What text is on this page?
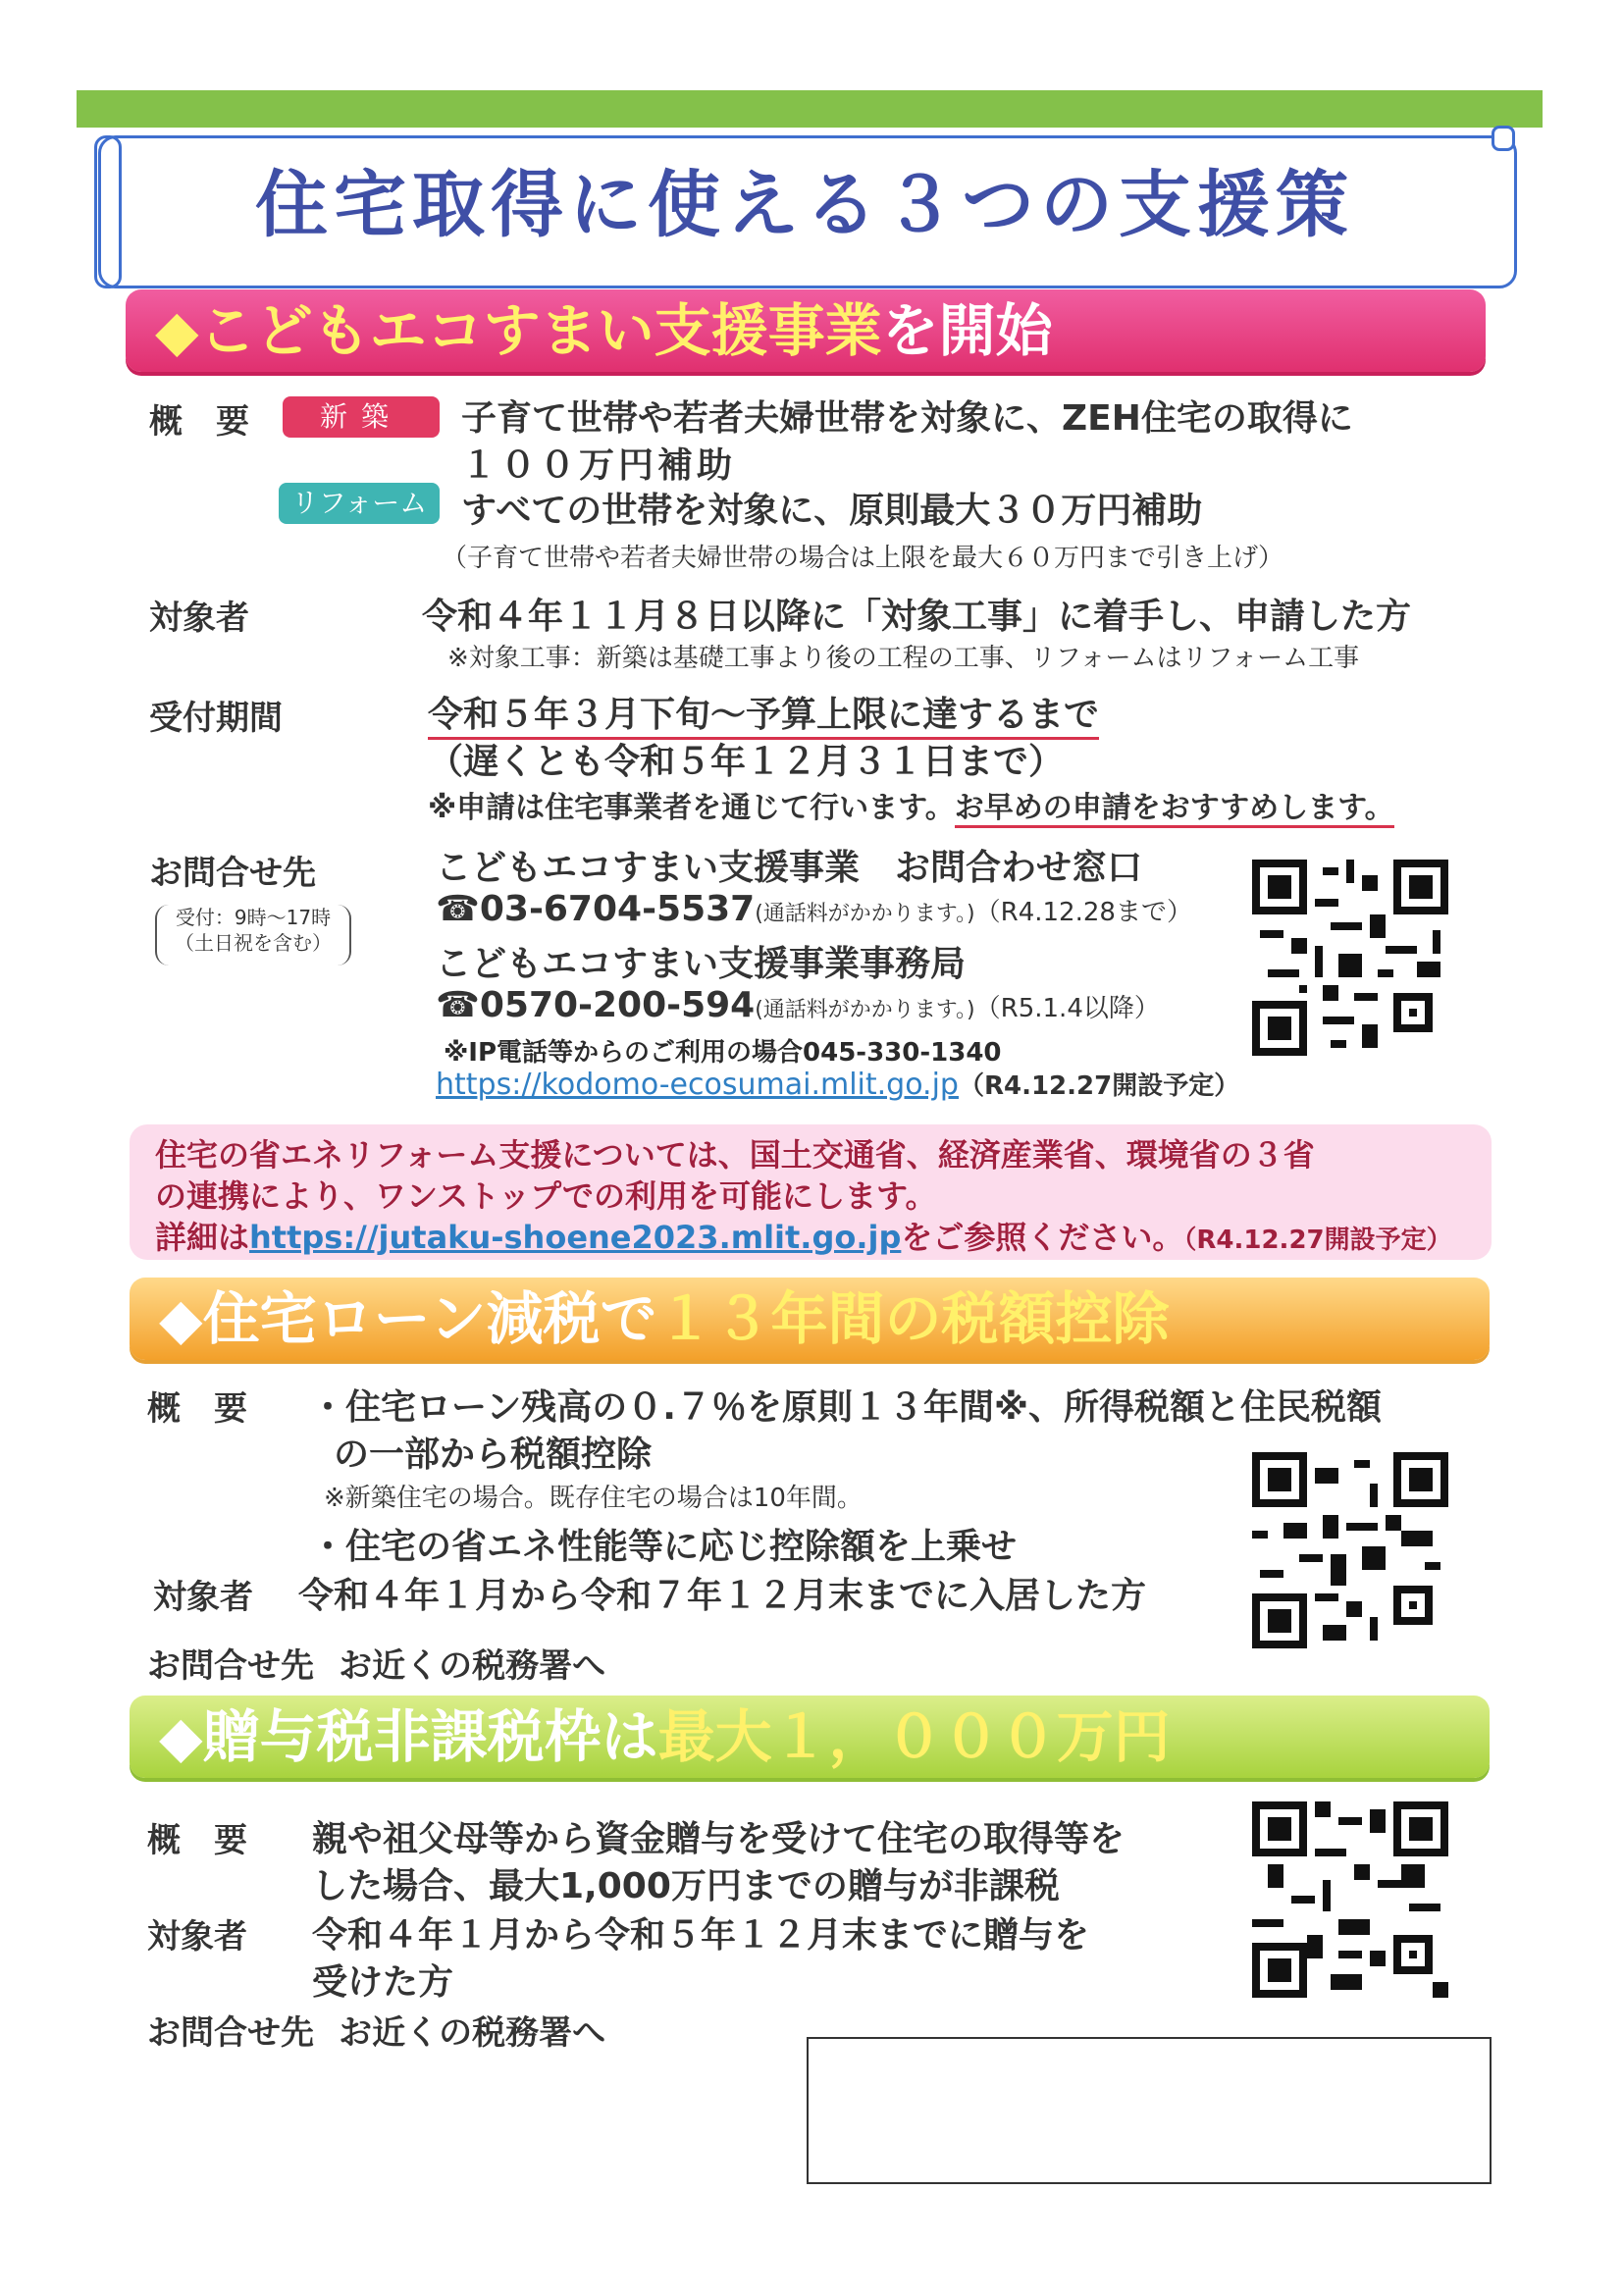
住宅取得に使える３つの支援策
◆こどもエコすまい支援事業を開始
概　要	新築	子育て世帯や若者夫婦世帯を対象に、ZEH住宅の取得に
１００万円補助
リフォーム すべての世帯を対象に、原則最大３０万円補助
（子育て世帯や若者夫婦世帯の場合は上限を最大６０万円まで引き上げ）
対象者	令和４年１１月８日以降に「対象工事」に着手し、申請した方
※対象工事：新築は基礎工事より後の工程の工事、リフォームはリフォーム工事
受付期間	令和５年３月下旬～予算上限に達するまで
（遅くとも令和５年１２月３１日まで）
※申請は住宅事業者を通じて行います。お早めの申請をおすすめします。
お問合せ先
受付：9時～17時
（土日祝を含む）
こどもエコすまい支援事業　お問合わせ窓口
☎03-6704-5537(通話料がかかります。)（R4.12.28まで）
こどもエコすまい支援事業事務局
☎0570-200-594(通話料がかかります。)（R5.1.4以降）
※IP電話等からのご利用の場合045-330-1340
https://kodomo-ecosumai.mlit.go.jp（R4.12.27開設予定）
住宅の省エネリフォーム支援については、国土交通省、経済産業省、環境省の３省
の連携により、ワンストップでの利用を可能にします。
詳細はhttps://jutaku-shoene2023.mlit.go.jpをご参照ください。（R4.12.27開設予定）
◆住宅ローン減税で１３年間の税額控除
概　要 ・住宅ローン残高の０.７％を原則１３年間※、所得税額と住民税額
の一部から税額控除
※新築住宅の場合。既存住宅の場合は10年間。
・住宅の省エネ性能等に応じ控除額を上乗せ
対象者 令和４年１月から令和７年１２月末までに入居した方
お問合せ先 お近くの税務署へ
◆贈与税非課税枠は最大１，０００万円
概　要 親や祖父母等から資金贈与を受けて住宅の取得等を
した場合、最大1,000万円までの贈与が非課税
対象者 令和４年１月から令和５年１２月末までに贈与を
受けた方
お問合せ先 お近くの税務署へ
